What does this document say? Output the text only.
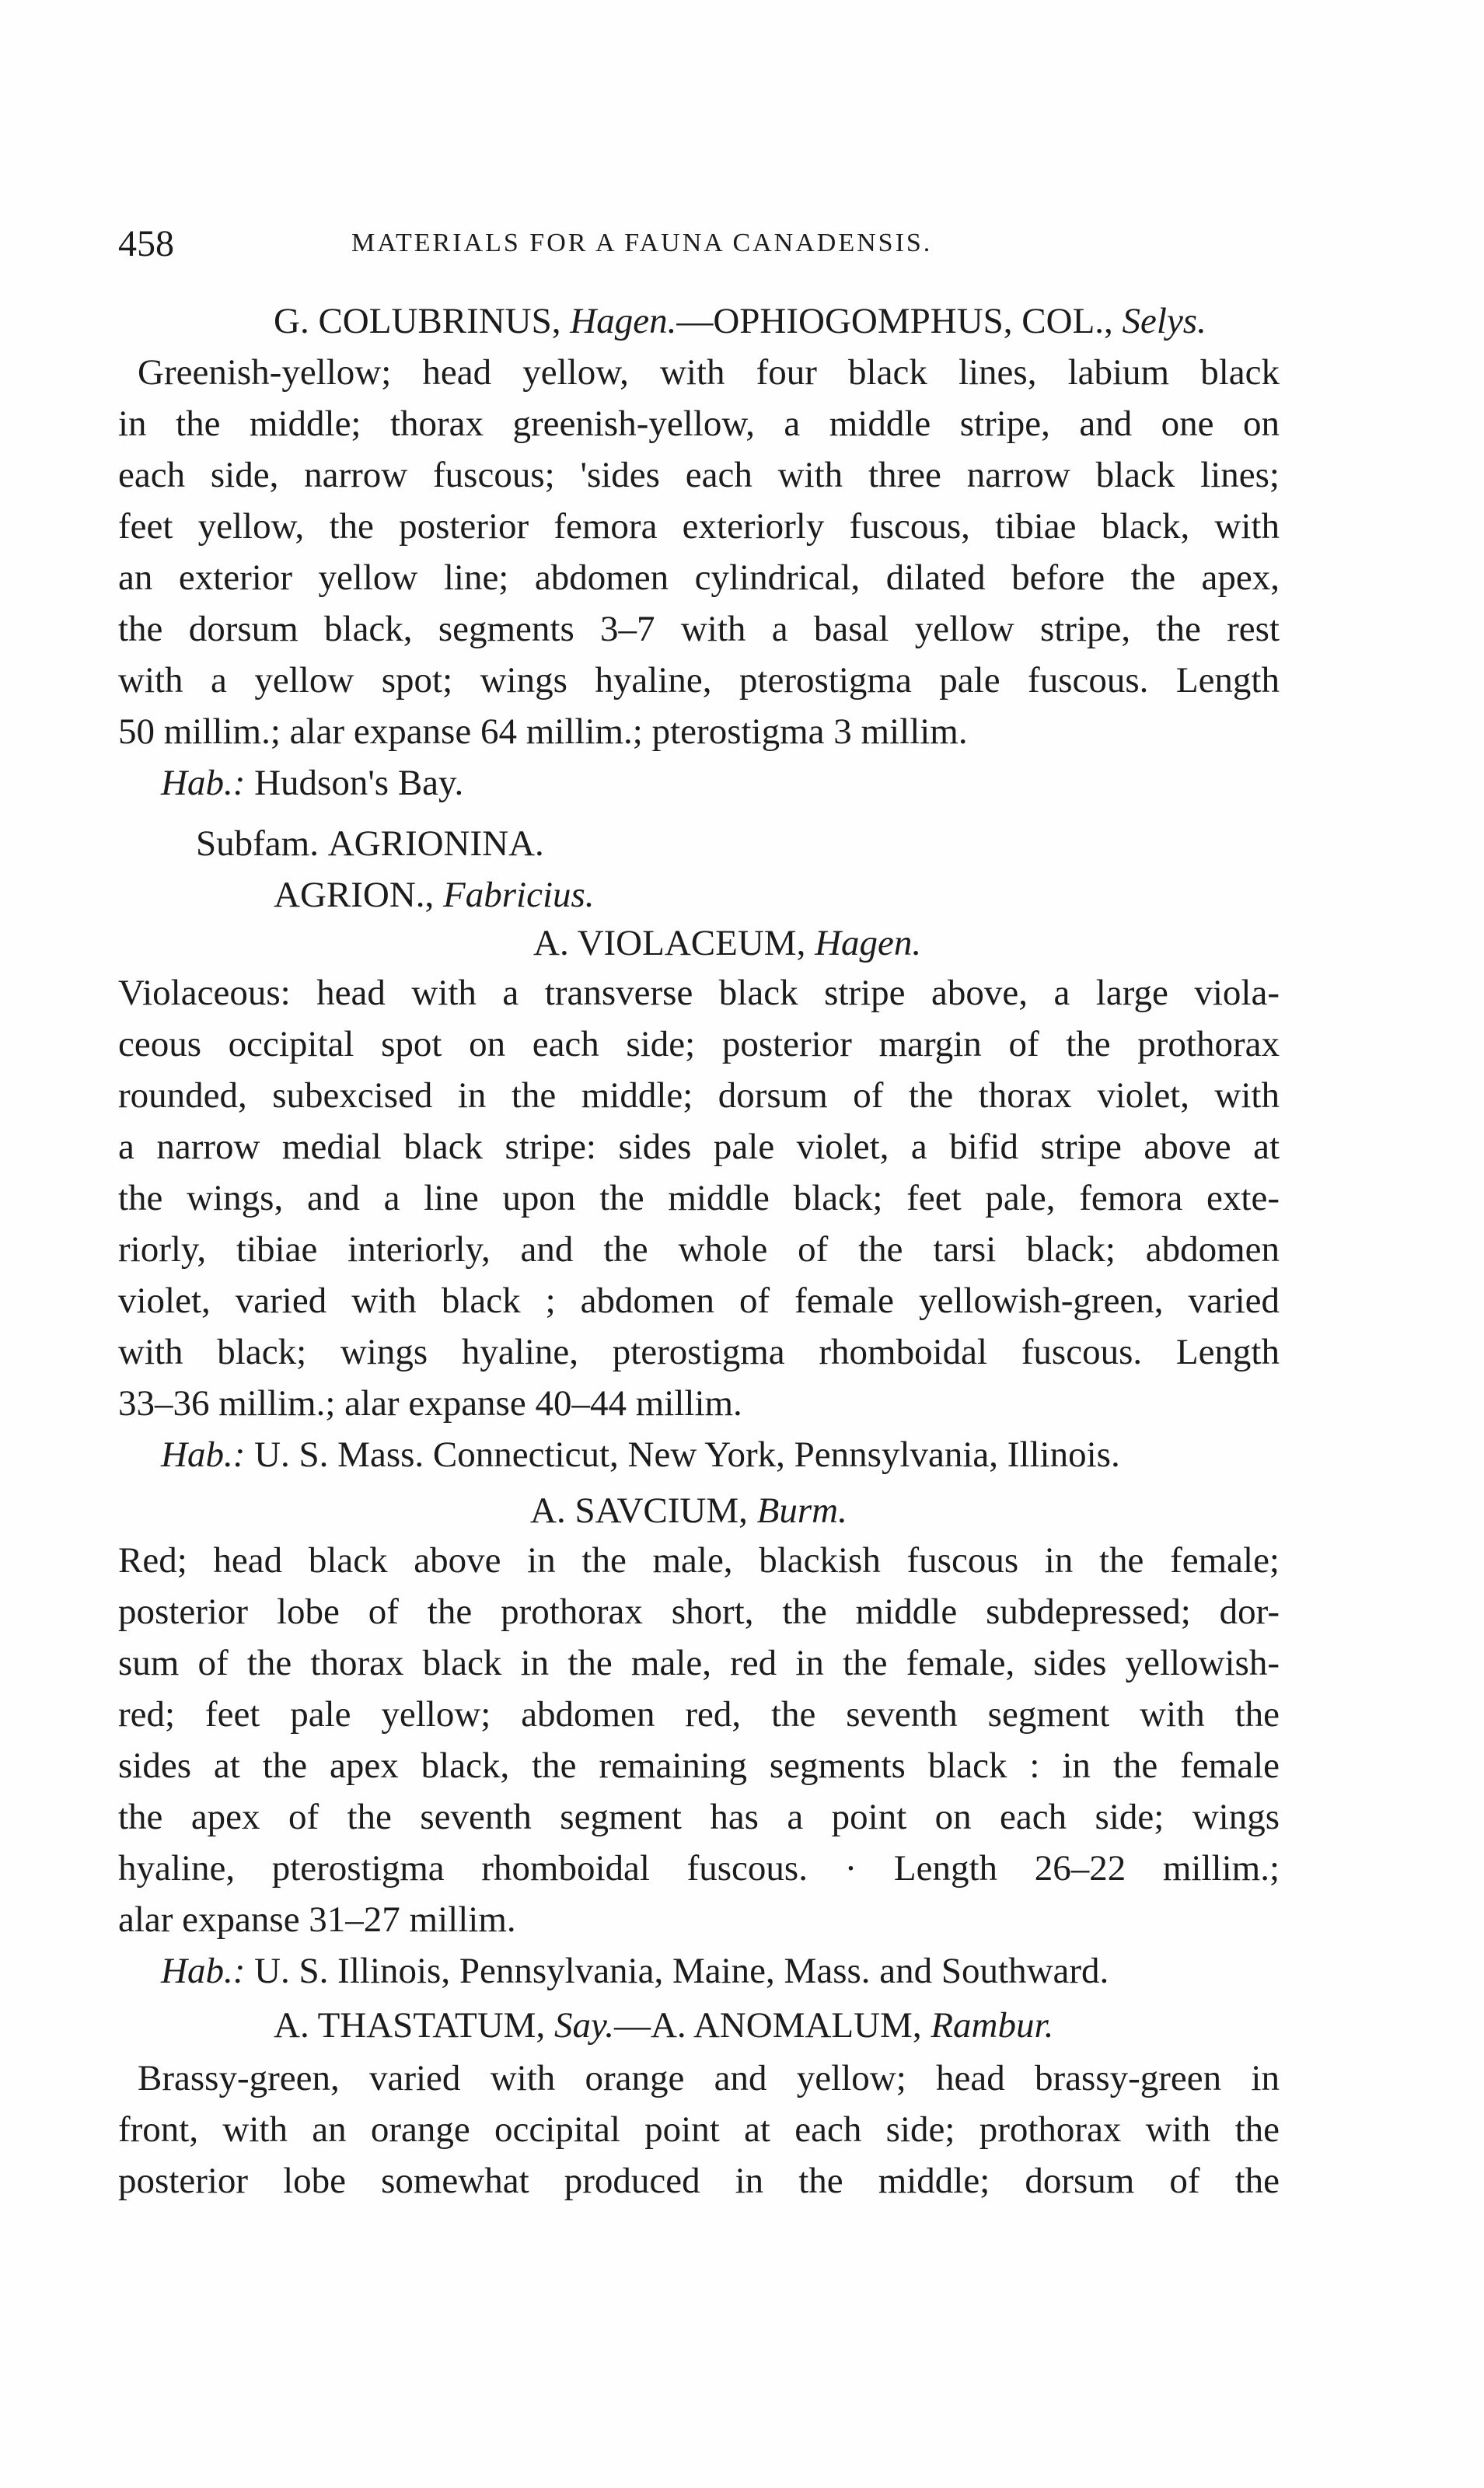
458	MATERIALS FOR A FAUNA CANADENSIS.
G. COLUBRINUS, Hagen.—OPHIOGOMPHUS, COL., Selys.
Greenish-yellow; head yellow, with four black lines, labium black
in the middle; thorax greenish-yellow, a middle stripe, and one on
each side, narrow fuscous; 'sides each with three narrow black lines;
feet yellow, the posterior femora exteriorly fuscous, tibiae black, with
an exterior yellow line; abdomen cylindrical, dilated before the apex,
the dorsum black, segments 3–7 with a basal yellow stripe, the rest
with a yellow spot; wings hyaline, pterostigma pale fuscous. Length
50 millim.; alar expanse 64 millim.; pterostigma 3 millim.
Hab.: Hudson's Bay.
Subfam. AGRIONINA.
AGRION., Fabricius.
A. VIOLACEUM, Hagen.
Violaceous: head with a transverse black stripe above, a large viola-
ceous occipital spot on each side; posterior margin of the prothorax
rounded, subexcised in the middle; dorsum of the thorax violet, with
a narrow medial black stripe: sides pale violet, a bifid stripe above at
the wings, and a line upon the middle black; feet pale, femora exte-
riorly, tibiae interiorly, and the whole of the tarsi black; abdomen
violet, varied with black ; abdomen of female yellowish-green, varied
with black; wings hyaline, pterostigma rhomboidal fuscous. Length
33–36 millim.; alar expanse 40–44 millim.
Hab.: U. S. Mass. Connecticut, New York, Pennsylvania, Illinois.
A. SAVCIUM, Burm.
Red; head black above in the male, blackish fuscous in the female;
posterior lobe of the prothorax short, the middle subdepressed; dor-
sum of the thorax black in the male, red in the female, sides yellowish-
red; feet pale yellow; abdomen red, the seventh segment with the
sides at the apex black, the remaining segments black : in the female
the apex of the seventh segment has a point on each side; wings
hyaline, pterostigma rhomboidal fuscous. · Length 26–22 millim.;
alar expanse 31–27 millim.
Hab.: U. S. Illinois, Pennsylvania, Maine, Mass. and Southward.
A. THASTATUM, Say.—A. ANOMALUM, Rambur.
Brassy-green, varied with orange and yellow; head brassy-green in
front, with an orange occipital point at each side; prothorax with the
posterior lobe somewhat produced in the middle; dorsum of the
